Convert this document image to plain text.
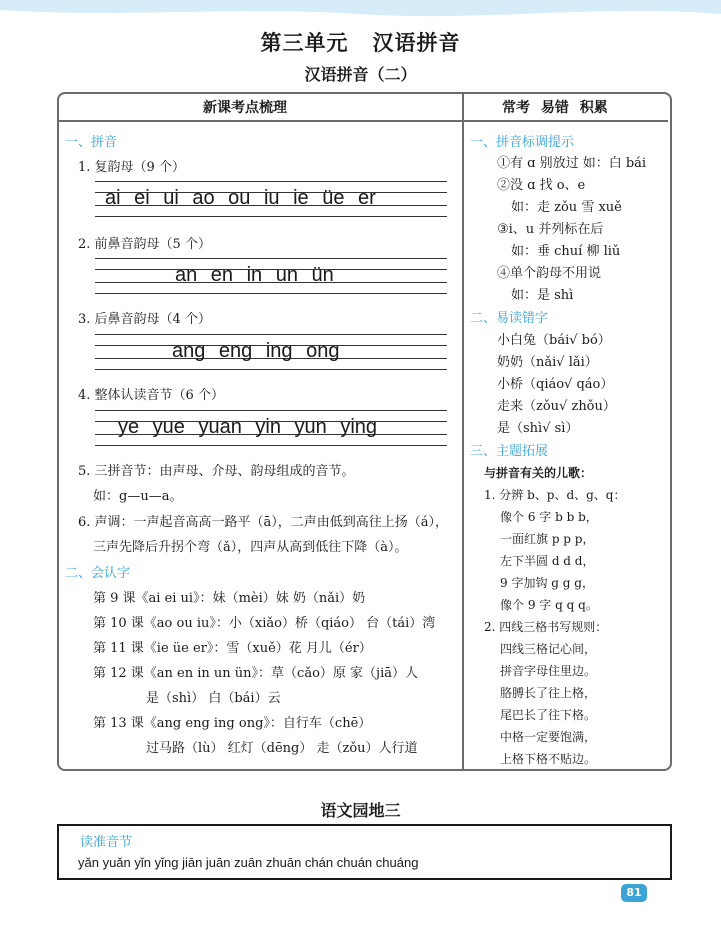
第三单元 汉语拼音
汉语拼音（二）
新课考点梳理	常考 易错 积累
一、拼音
1. 复韵母（9 个）
ai ei ui ao ou iu ie üe er
2. 前鼻音韵母（5 个）
an en in un ün
3. 后鼻音韵母（4 个）
ang eng ing ong
4. 整体认读音节（6 个）
ye yue yuan yin yun ying
5. 三拼音节：由声母、介母、韵母组成的音节。
如：g—u—a。
6. 声调：一声起音高高一路平（ā），二声由低到高往上扬（á），
三声先降后升拐个弯（ǎ），四声从高到低往下降（à）。
二、会认字
第 9 课《ai ei ui》：妹（mèi）妹 奶（nǎi）奶
第 10 课《ao ou iu》：小（xiǎo）桥（qiáo） 台（tái）湾
第 11 课《ie üe er》：雪（xuě）花 月儿（ér）
第 12 课《an en in un ün》：草（cǎo）原 家（jiā）人
是（shì） 白（bái）云
第 13 课《ang eng ing ong》：自行车（chē）
过马路（lù） 红灯（dēng） 走（zǒu）人行道
一、拼音标调提示
①有 ɑ 别放过 如：白 bái
②没 ɑ 找 o、e
如：走 zǒu 雪 xuě
③i、u 并列标在后
如：垂 chuí 柳 liǔ
④单个韵母不用说
如：是 shì
二、易读错字
小白兔（bái√ bó）
奶奶（nǎi√ lǎi）
小桥（qiáo√ qáo）
走来（zǒu√ zhǒu）
是（shì√ sì）
三、主题拓展
与拼音有关的儿歌：
1. 分辨 b、p、d、g、q：
像个 6 字 b b b，
一面红旗 p p p，
左下半圆 d d d，
9 字加钩 g g g，
像个 9 字 q q q。
2. 四线三格书写规则：
四线三格记心间，
拼音字母住里边。
胳膊长了往上格，
尾巴长了往下格。
中格一定要饱满，
上格下格不贴边。
语文园地三
读准音节
yǎn yuǎn yǐn yǐng jiān juān zuān zhuān chán chuán chuáng
81
